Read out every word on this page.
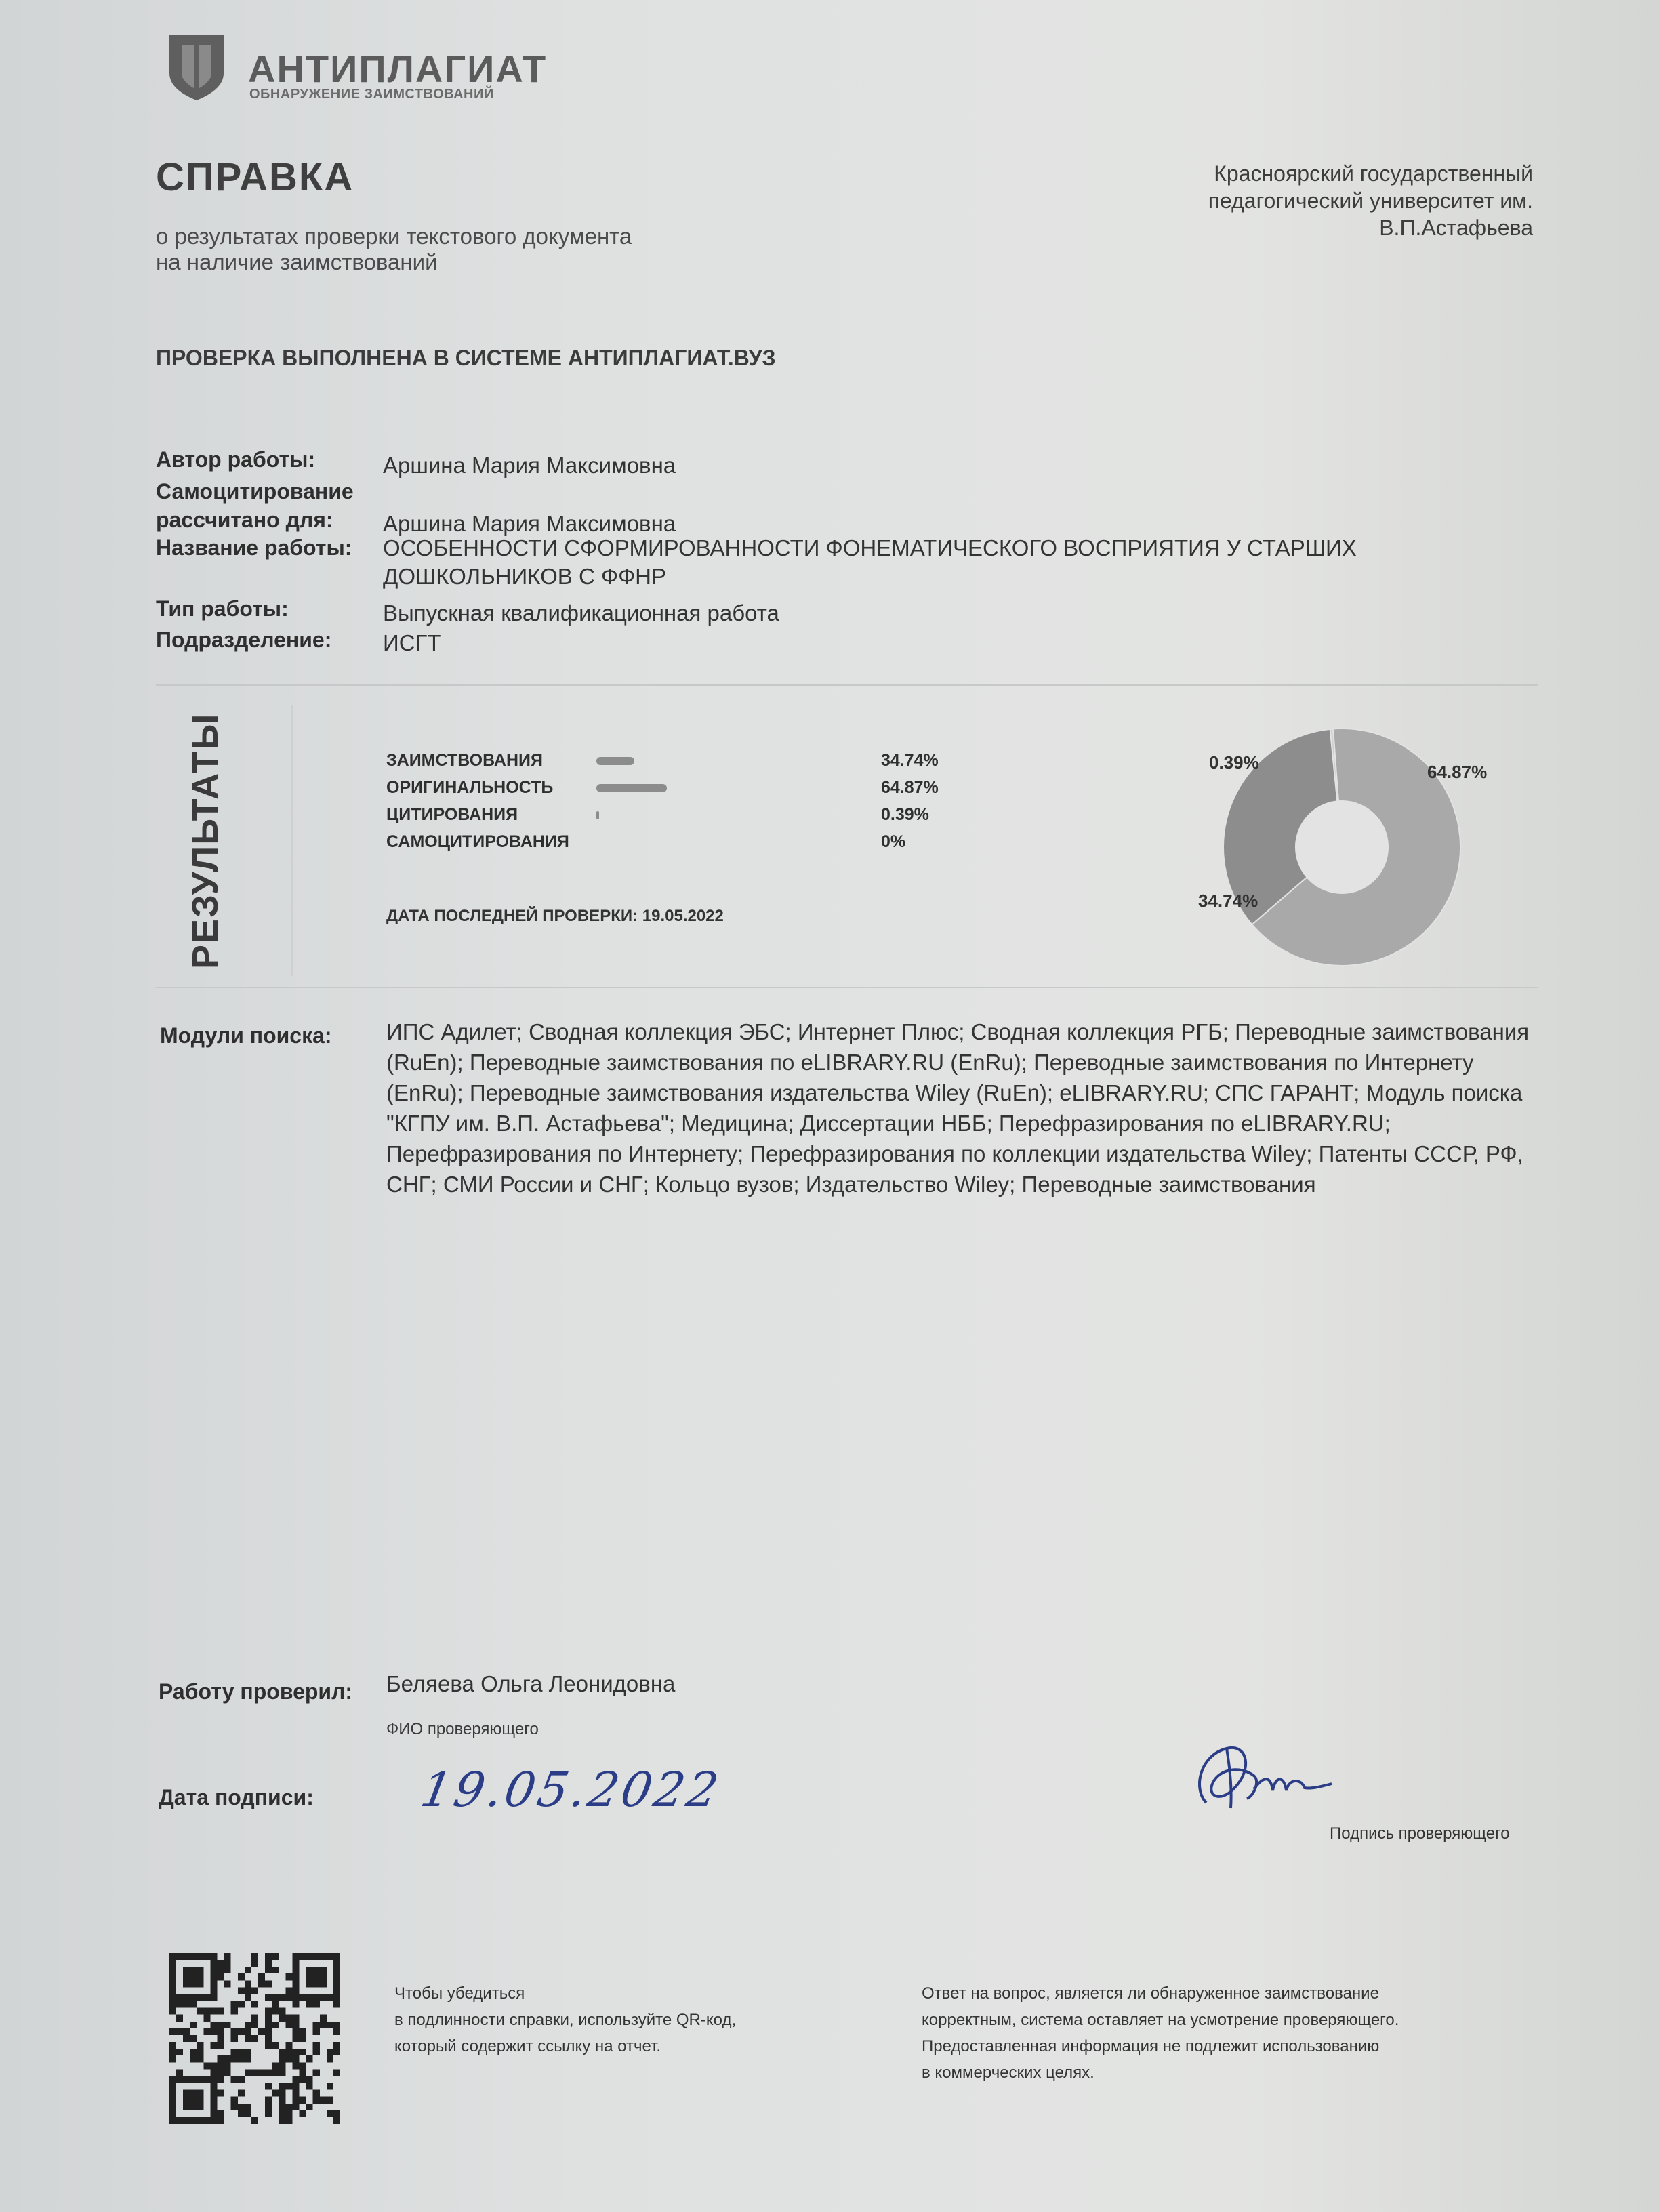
АНТИПЛАГИАТ
ОБНАРУЖЕНИЕ ЗАИМСТВОВАНИЙ
СПРАВКА
о результатах проверки текстового документа
на наличие заимствований
Красноярский государственный
педагогический университет им.
В.П.Астафьева
ПРОВЕРКА ВЫПОЛНЕНА В СИСТЕМЕ АНТИПЛАГИАТ.ВУЗ
Автор работы:	Аршина Мария Максимовна
Самоцитирование
рассчитано для:	Аршина Мария Максимовна
Название работы: ОСОБЕННОСТИ СФОРМИРОВАННОСТИ ФОНЕМАТИЧЕСКОГО ВОСПРИЯТИЯ У СТАРШИХ ДОШКОЛЬНИКОВ С ФФНР
Тип работы:	Выпускная квалификационная работа
Подразделение: ИСГТ
РЕЗУЛЬТАТЫ	ЗАИМСТВОВАНИЯ	34.74%
ОРИГИНАЛЬНОСТЬ	64.87%
ЦИТИРОВАНИЯ	0.39%
САМОЦИТИРОВАНИЯ	0%
ДАТА ПОСЛЕДНЕЙ ПРОВЕРКИ: 19.05.2022
0.39%	64.87%
34.74%
Модули поиска: ИПС Адилет; Сводная коллекция ЭБС; Интернет Плюс; Сводная коллекция РГБ; Переводные заимствования (RuEn); Переводные заимствования по eLIBRARY.RU (EnRu); Переводные заимствования по Интернету (EnRu); Переводные заимствования издательства Wiley (RuEn); eLIBRARY.RU; СПС ГАРАНТ; Модуль поиска "КГПУ им. В.П. Астафьева"; Медицина; Диссертации НББ; Перефразирования по eLIBRARY.RU; Перефразирования по Интернету; Перефразирования по коллекции издательства Wiley; Патенты СССР, РФ, СНГ; СМИ России и СНГ; Кольцо вузов; Издательство Wiley; Переводные заимствования
Работу проверил: Беляева Ольга Леонидовна
ФИО проверяющего
Дата подписи: 19.05.2022
Подпись проверяющего
Чтобы убедиться
в подлинности справки, используйте QR-код,
который содержит ссылку на отчет.
Ответ на вопрос, является ли обнаруженное заимствование
корректным, система оставляет на усмотрение проверяющего.
Предоставленная информация не подлежит использованию
в коммерческих целях.
